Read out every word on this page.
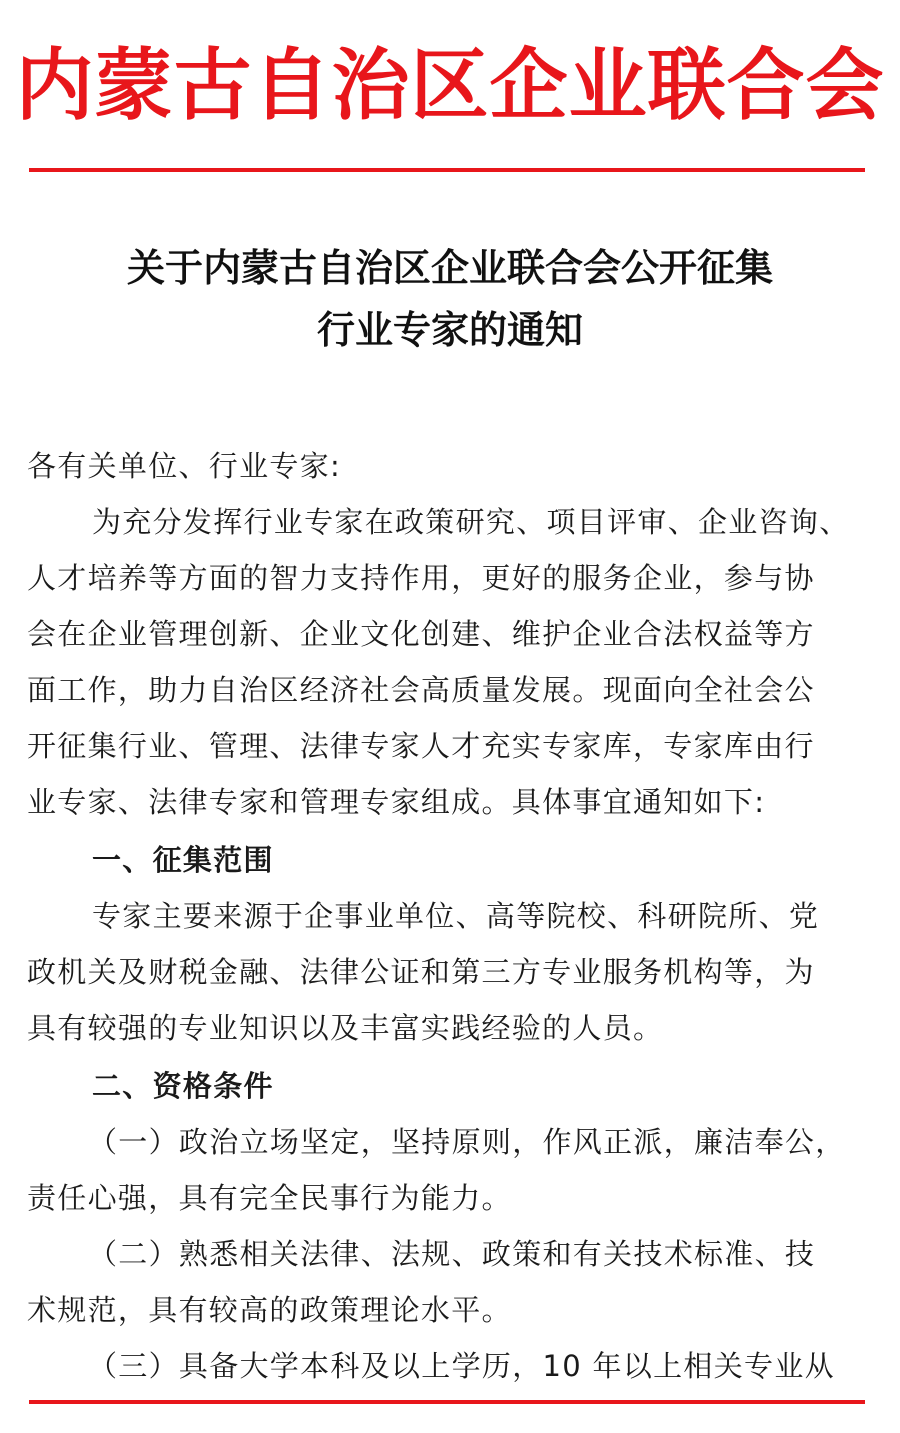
内蒙古自治区企业联合会
关于内蒙古自治区企业联合会公开征集
行业专家的通知
各有关单位、行业专家:
为充分发挥行业专家在政策研究、项目评审、企业咨询、
人才培养等方面的智力支持作用，更好的服务企业，参与协
会在企业管理创新、企业文化创建、维护企业合法权益等方
面工作，助力自治区经济社会高质量发展。现面向全社会公
开征集行业、管理、法律专家人才充实专家库，专家库由行
业专家、法律专家和管理专家组成。具体事宜通知如下:
一、征集范围
专家主要来源于企事业单位、高等院校、科研院所、党
政机关及财税金融、法律公证和第三方专业服务机构等，为
具有较强的专业知识以及丰富实践经验的人员。
二、资格条件
（一）政治立场坚定，坚持原则，作风正派，廉洁奉公，
责任心强，具有完全民事行为能力。
（二）熟悉相关法律、法规、政策和有关技术标准、技
术规范，具有较高的政策理论水平。
（三）具备大学本科及以上学历，10 年以上相关专业从
